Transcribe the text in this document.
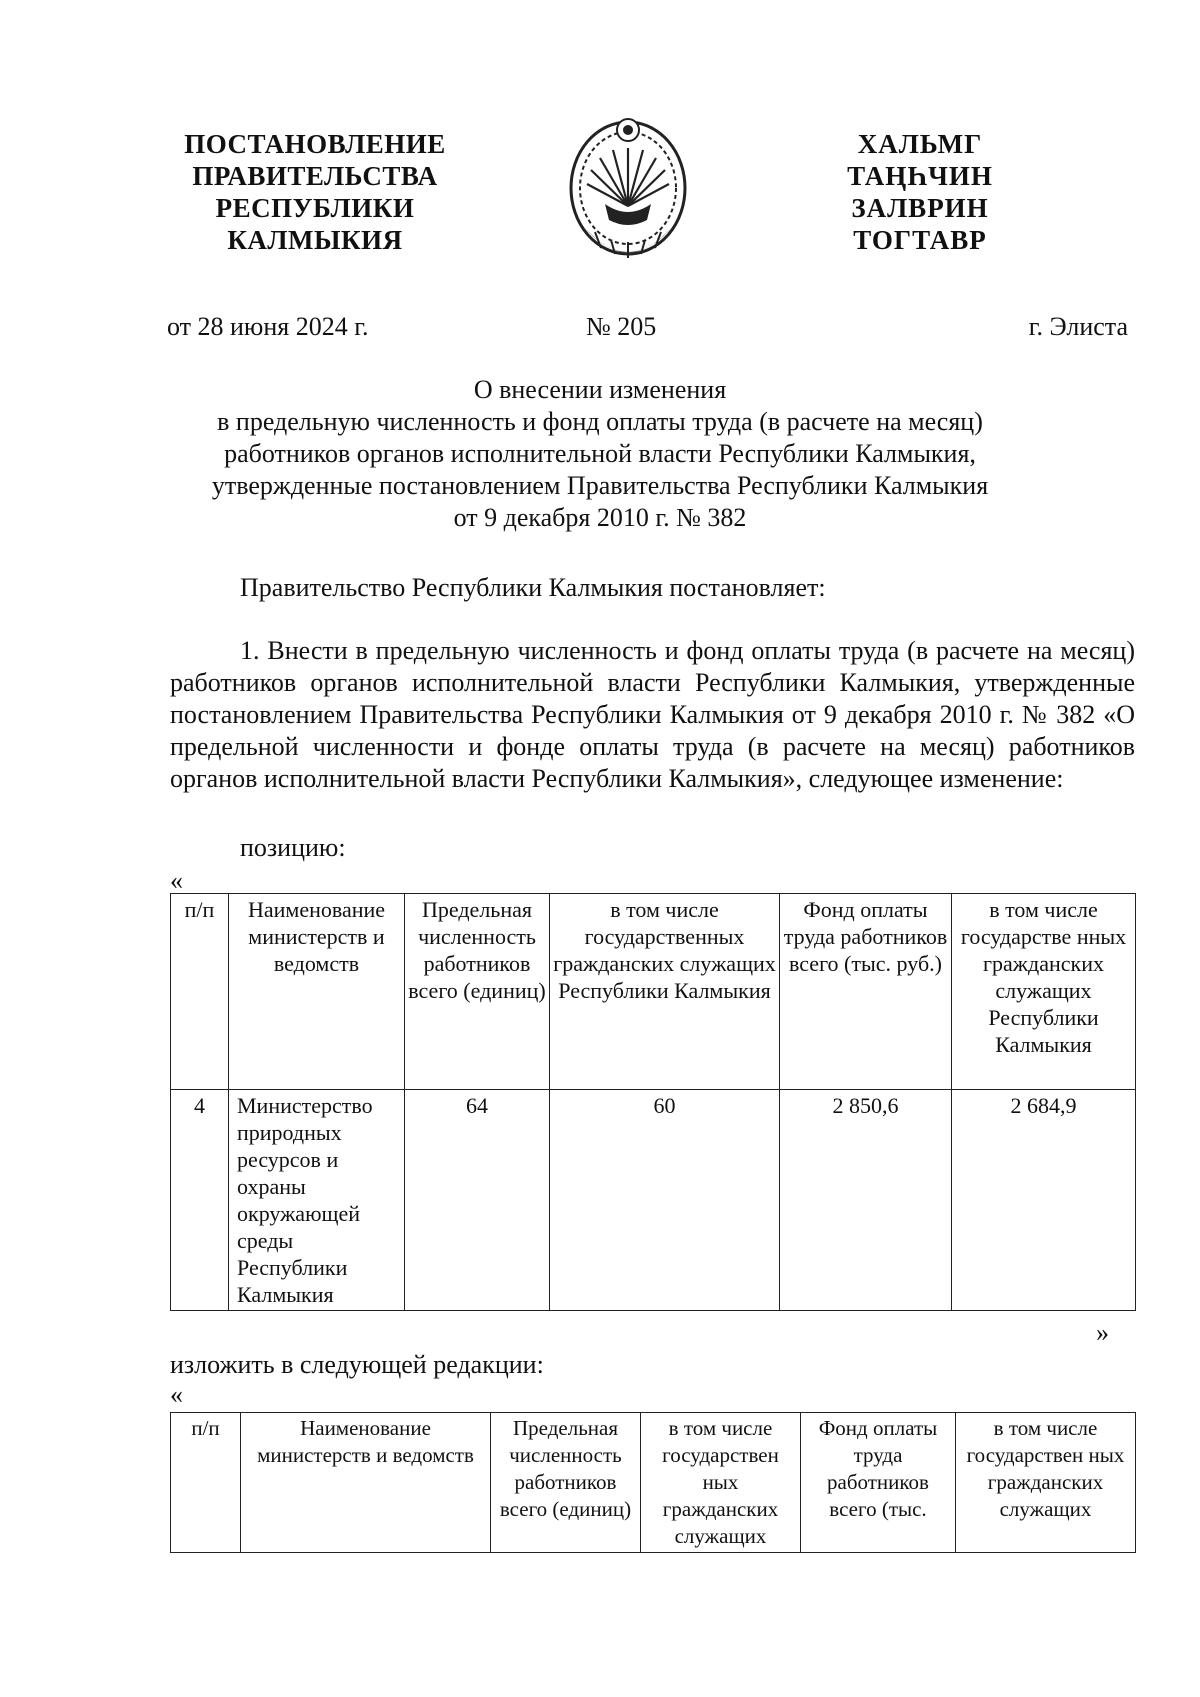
ПОСТАНОВЛЕНИЕ
ПРАВИТЕЛЬСТВА
РЕСПУБЛИКИ
КАЛМЫКИЯ
ХАЛЬМГ
ТАҢҺЧИН
ЗАЛВРИН
ТОГТАВР
от 28 июня 2024 г.	№ 205	г. Элиста
О внесении изменения
в предельную численность и фонд оплаты труда (в расчете на месяц)
работников органов исполнительной власти Республики Калмыкия,
утвержденные постановлением Правительства Республики Калмыкия
от 9 декабря 2010 г. № 382
Правительство Республики Калмыкия постановляет:
1. Внести в предельную численность и фонд оплаты труда (в расчете на месяц) работников органов исполнительной власти Республики Калмыкия, утвержденные постановлением Правительства Республики Калмыкия от 9 декабря 2010 г. № 382 «О предельной численности и фонде оплаты труда (в расчете на месяц) работников органов исполнительной власти Республики Калмыкия», следующее изменение:
позицию:
«
п/п	Наименование министерств и ведомств	Предельная численность работников всего (единиц)	в том числе государственных гражданских служащих Республики Калмыкия	Фонд оплаты труда работников всего (тыс. руб.)	в том числе государстве нных гражданских служащих Республики Калмыкия
4	Министерство природных ресурсов и охраны окружающей среды Республики Калмыкия	64	60	2 850,6	2 684,9
»
изложить в следующей редакции:
«
п/п	Наименование министерств и ведомств	Предельная численность работников всего (единиц)	в том числе государствен ных гражданских служащих	Фонд оплаты труда работников всего (тыс.	в том числе государствен ных гражданских служащих
